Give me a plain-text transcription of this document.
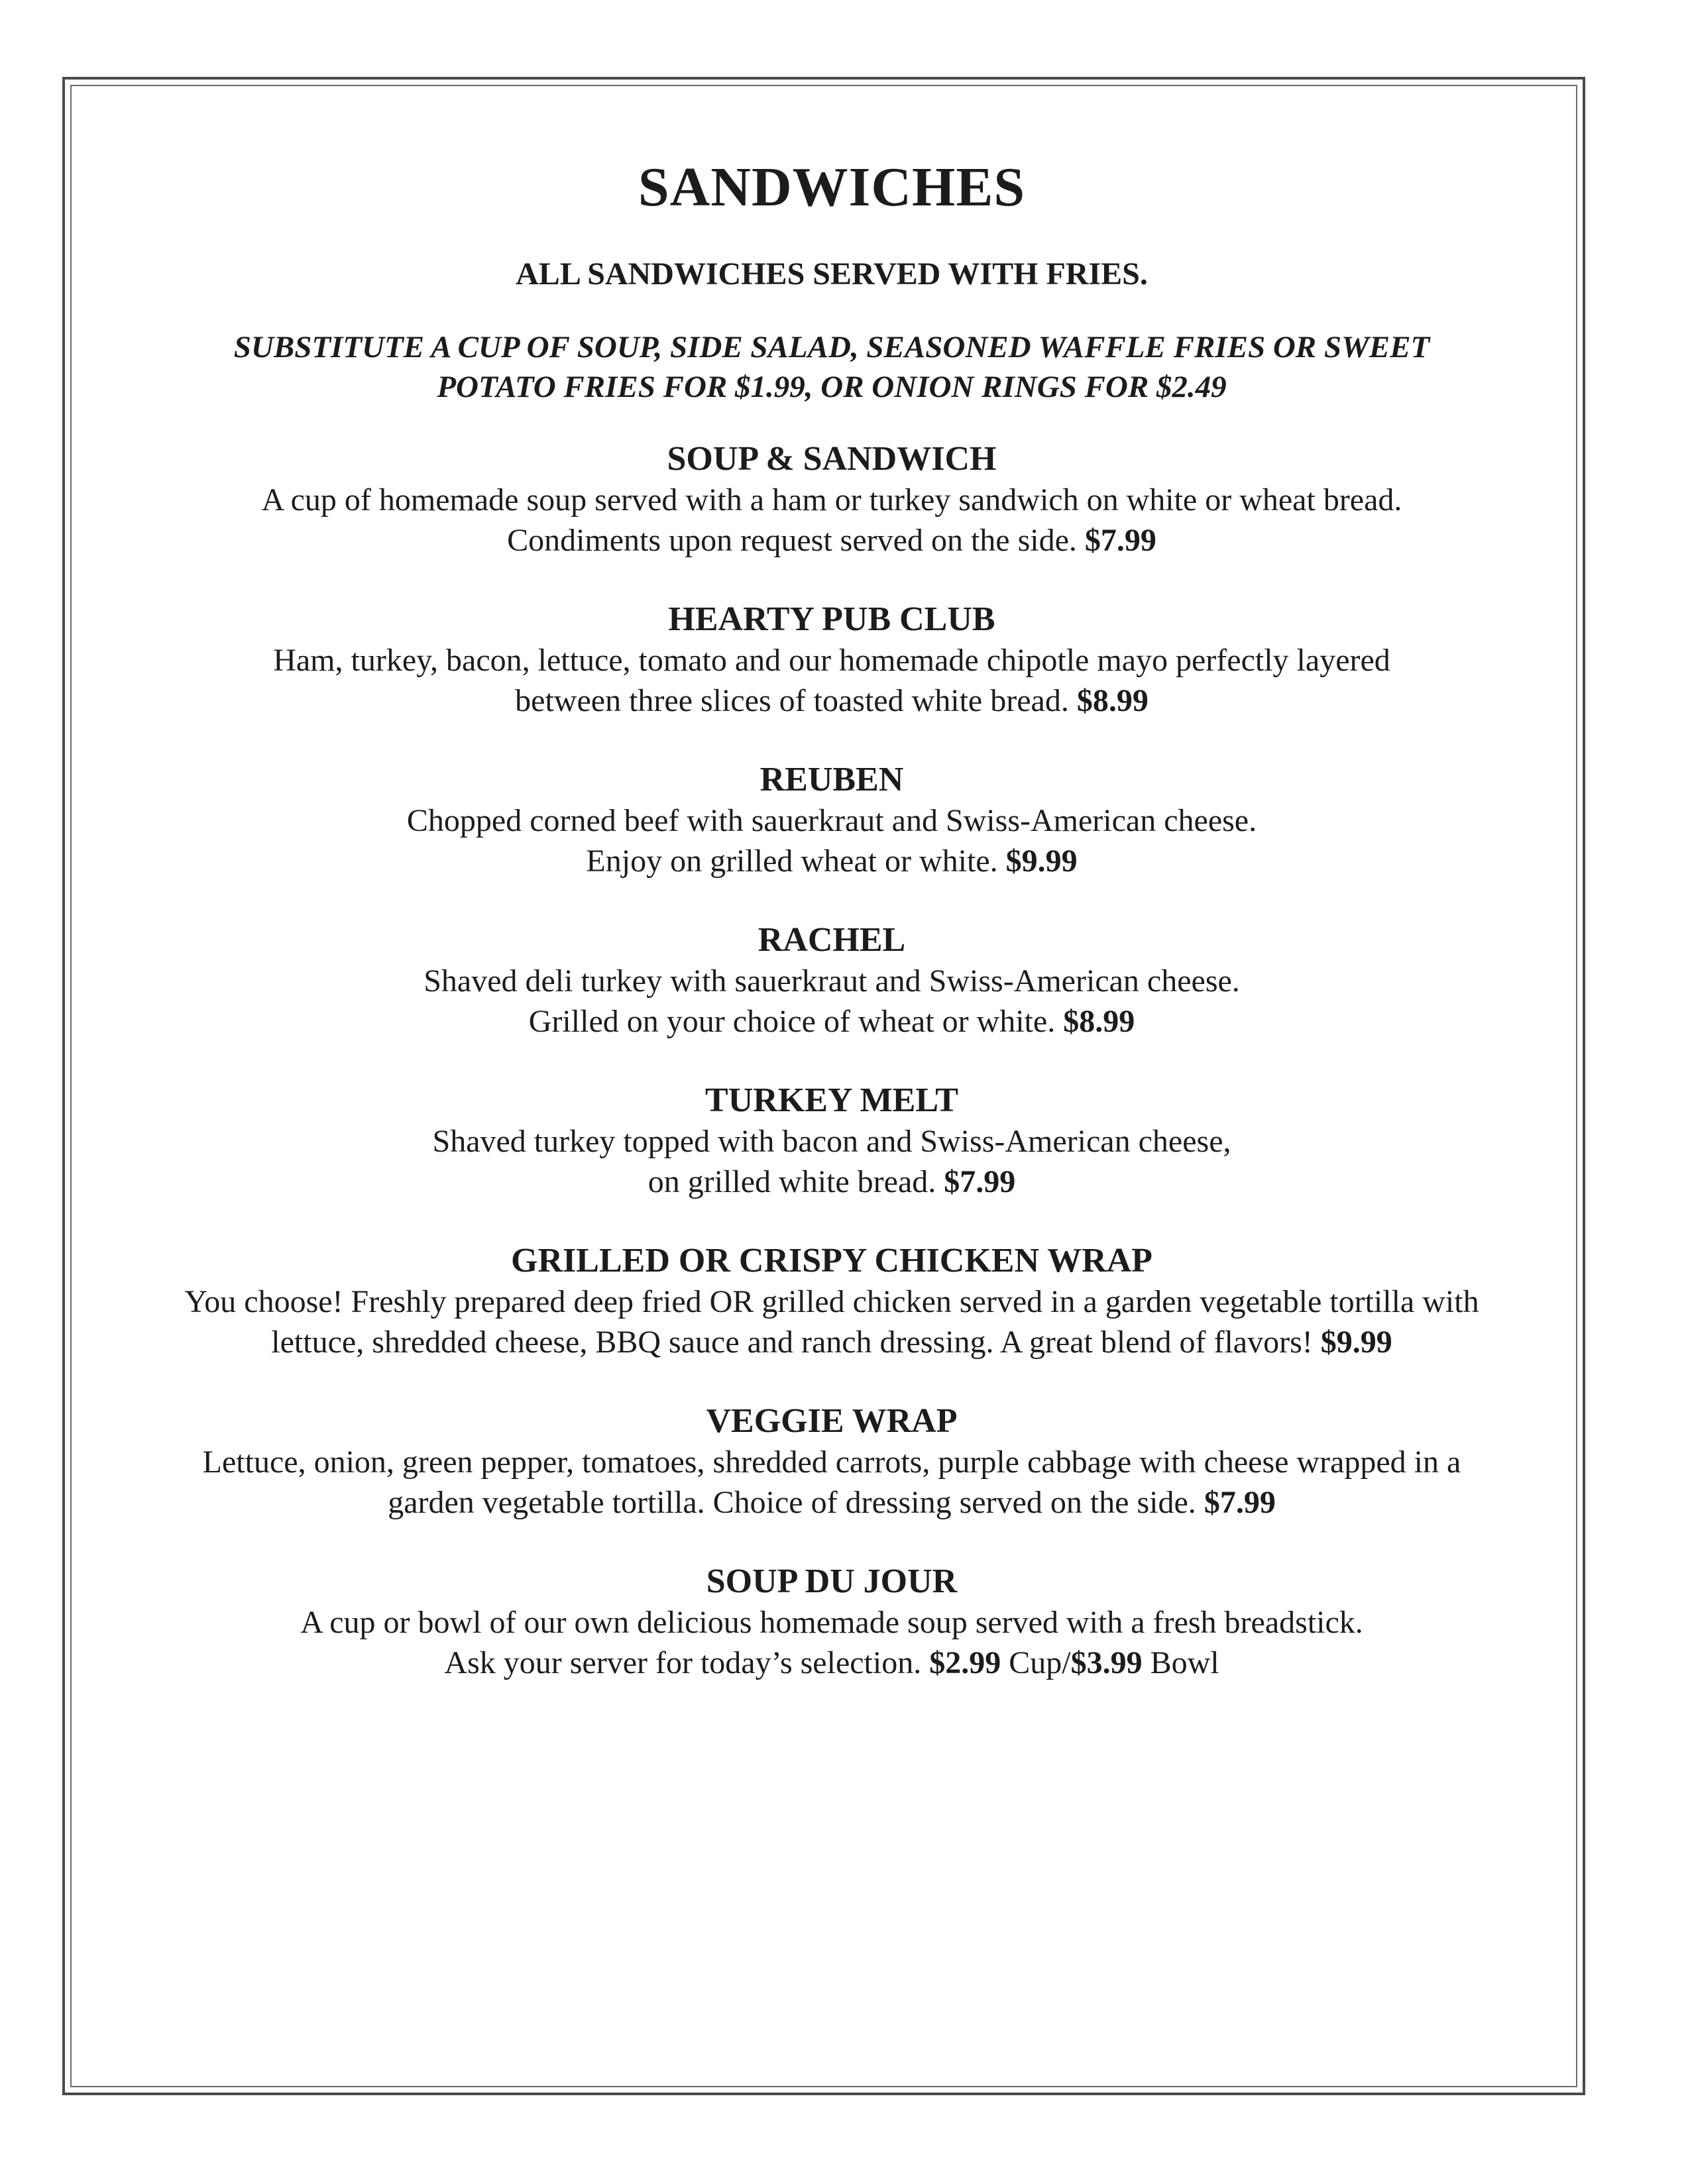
SANDWICHES

ALL SANDWICHES SERVED WITH FRIES.

SUBSTITUTE A CUP OF SOUP, SIDE SALAD, SEASONED WAFFLE FRIES OR SWEET
POTATO FRIES FOR $1.99, OR ONION RINGS FOR $2.49

SOUP & SANDWICH

A cup of homemade soup served with a ham or turkey sandwich on white or wheat bread.
Condiments upon request served on the side. $7.99

HEARTY PUB CLUB

Ham, turkey, bacon, lettuce, tomato and our homemade chipotle mayo perfectly layered
between three slices of toasted white bread. $8.99

REUBEN

Chopped corned beef with sauerkraut and Swiss-American cheese.
Enjoy on grilled wheat or white. $9.99

RACHEL

Shaved deli turkey with sauerkraut and Swiss-American cheese.
Grilled on your choice of wheat or white. $8.99

TURKEY MELT

Shaved turkey topped with bacon and Swiss-American cheese,
on grilled white bread. $7.99

GRILLED OR CRISPY CHICKEN WRAP

You choose! Freshly prepared deep fried OR grilled chicken served in a garden vegetable tortilla with
lettuce, shredded cheese, BBQ sauce and ranch dressing. A great blend of flavors! $9.99

VEGGIE WRAP

Lettuce, onion, green pepper, tomatoes, shredded carrots, purple cabbage with cheese wrapped in a
garden vegetable tortilla. Choice of dressing served on the side. $7.99

SOUP DU JOUR

A cup or bowl of our own delicious homemade soup served with a fresh breadstick.
Ask your server for today’s selection. $2.99 Cup/$3.99 Bowl
